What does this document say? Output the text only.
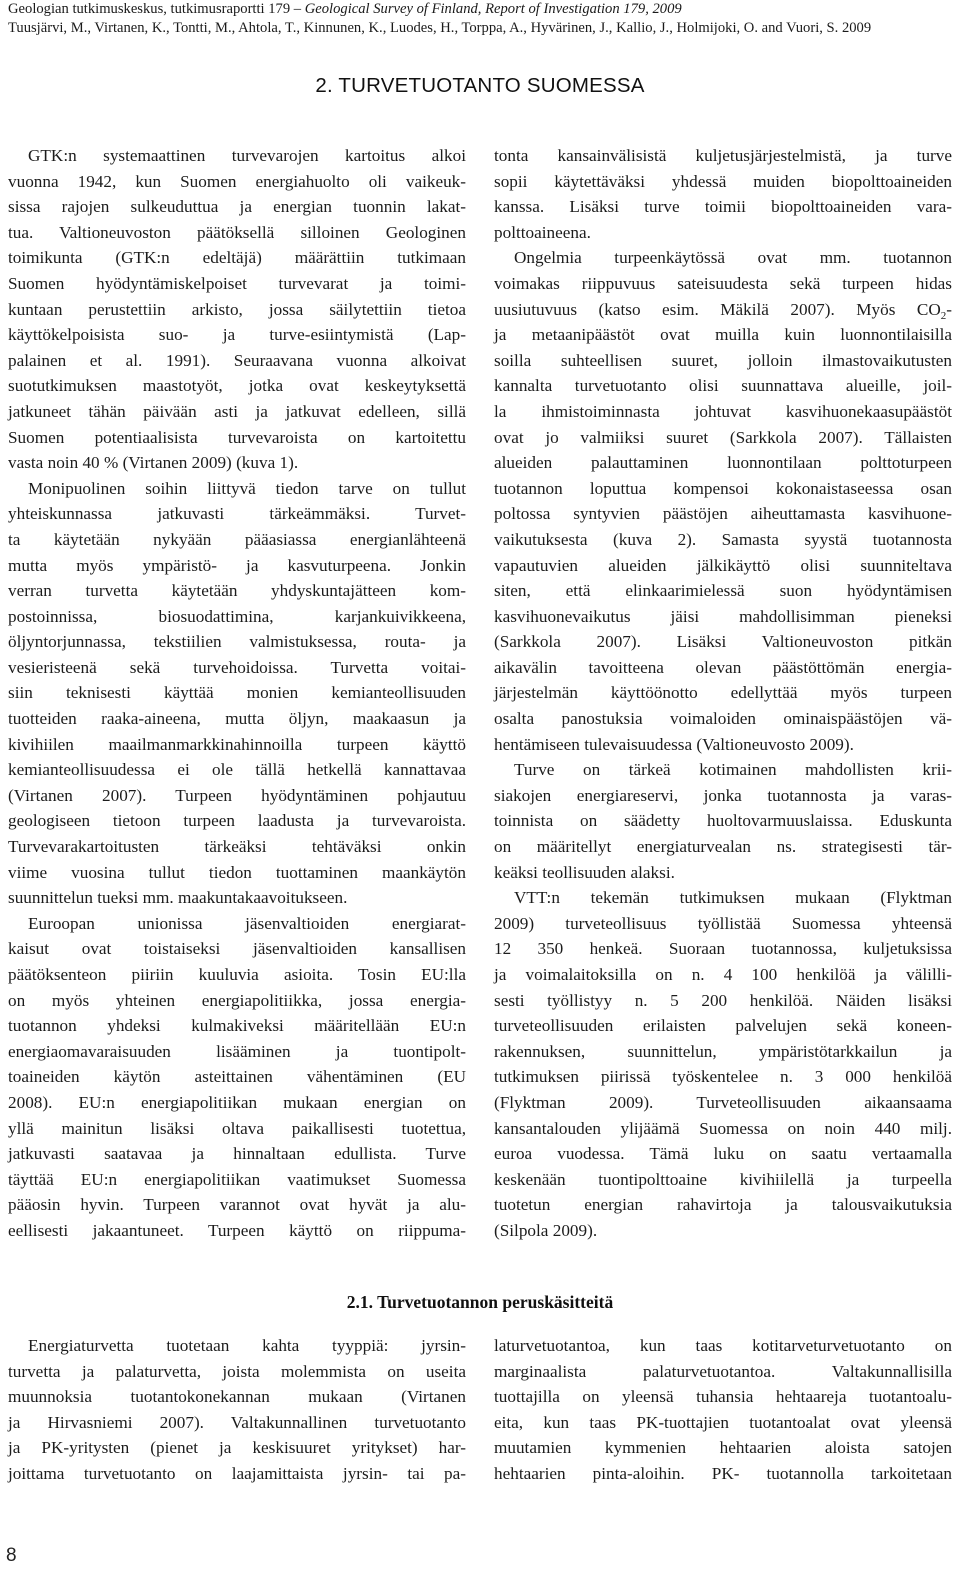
Geologian tutkimuskeskus, tutkimusraportti 179 – Geological Survey of Finland, Report of Investigation 179, 2009
Tuusjärvi, M., Virtanen, K., Tontti, M., Ahtola, T., Kinnunen, K., Luodes, H., Torppa, A., Hyvärinen, J., Kallio, J., Holmijoki, O. and Vuori, S. 2009
2. TURVETUOTANTO SUOMESSA
GTK:n systemaattinen turvevarojen kartoitus alkoi
vuonna 1942, kun Suomen energiahuolto oli vaikeuk-
sissa rajojen sulkeuduttua ja energian tuonnin lakat-
tua. Valtioneuvoston päätöksellä silloinen Geologinen
toimikunta (GTK:n edeltäjä) määrättiin tutkimaan
Suomen hyödyntämiskelpoiset turvevarat ja toimi-
kuntaan perustettiin arkisto, jossa säilytettiin tietoa
käyttökelpoisista suo- ja turve-esiintymistä (Lap-
palainen et al. 1991). Seuraavana vuonna alkoivat
suotutkimuksen maastotyöt, jotka ovat keskeytyksettä
jatkuneet tähän päivään asti ja jatkuvat edelleen, sillä
Suomen potentiaalisista turvevaroista on kartoitettu
vasta noin 40 % (Virtanen 2009) (kuva 1).
Monipuolinen soihin liittyvä tiedon tarve on tullut
yhteiskunnassa jatkuvasti tärkeämmäksi. Turvet-
ta käytetään nykyään pääasiassa energianlähteenä
mutta myös ympäristö- ja kasvuturpeena. Jonkin
verran turvetta käytetään yhdyskuntajätteen kom-
postoinnissa, biosuodattimina, karjankuivikkeena,
öljyntorjunnassa, tekstiilien valmistuksessa, routa- ja
vesieristeenä sekä turvehoidoissa. Turvetta voitai-
siin teknisesti käyttää monien kemianteollisuuden
tuotteiden raaka-aineena, mutta öljyn, maakaasun ja
kivihiilen maailmanmarkkinahinnoilla turpeen käyttö
kemianteollisuudessa ei ole tällä hetkellä kannattavaa
(Virtanen 2007). Turpeen hyödyntäminen pohjautuu
geologiseen tietoon turpeen laadusta ja turvevaroista.
Turvevarakartoitusten tärkeäksi tehtäväksi onkin
viime vuosina tullut tiedon tuottaminen maankäytön
suunnittelun tueksi mm. maakuntakaavoitukseen.
Euroopan unionissa jäsenvaltioiden energiarat-
kaisut ovat toistaiseksi jäsenvaltioiden kansallisen
päätöksenteon piiriin kuuluvia asioita. Tosin EU:lla
on myös yhteinen energiapolitiikka, jossa energia-
tuotannon yhdeksi kulmakiveksi määritellään EU:n
energiaomavaraisuuden lisääminen ja tuontipolt-
toaineiden käytön asteittainen vähentäminen (EU
2008). EU:n energiapolitiikan mukaan energian on
yllä mainitun lisäksi oltava paikallisesti tuotettua,
jatkuvasti saatavaa ja hinnaltaan edullista. Turve
täyttää EU:n energiapolitiikan vaatimukset Suomessa
pääosin hyvin. Turpeen varannot ovat hyvät ja alu-
eellisesti jakaantuneet. Turpeen käyttö on riippuma-
tonta kansainvälisistä kuljetusjärjestelmistä, ja turve
sopii käytettäväksi yhdessä muiden biopolttoaineiden
kanssa. Lisäksi turve toimii biopolttoaineiden vara-
polttoaineena.
Ongelmia turpeenkäytössä ovat mm. tuotannon
voimakas riippuvuus sateisuudesta sekä turpeen hidas
uusiutuvuus (katso esim. Mäkilä 2007). Myös $CO_2-$
ja metaanipäästöt ovat muilla kuin luonnontilaisilla
soilla suhteellisen suuret, jolloin ilmastovaikutusten
kannalta turvetuotanto olisi suunnattava alueille, joil-
la ihmistoiminnasta johtuvat kasvihuonekaasupäästöt
ovat jo valmiiksi suuret (Sarkkola 2007). Tällaisten
alueiden palauttaminen luonnontilaan polttoturpeen
tuotannon loputtua kompensoi kokonaistaseessa osan
poltossa syntyvien päästöjen aiheuttamasta kasvihuone-
vaikutuksesta (kuva 2). Samasta syystä tuotannosta
vapautuvien alueiden jälkikäyttö olisi suunniteltava
siten, että elinkaarimielessä suon hyödyntämisen
kasvihuonevaikutus jäisi mahdollisimman pieneksi
(Sarkkola 2007). Lisäksi Valtioneuvoston pitkän
aikavälin tavoitteena olevan päästöttömän energia-
järjestelmän käyttöönotto edellyttää myös turpeen
osalta panostuksia voimaloiden ominaispäästöjen vä-
hentämiseen tulevaisuudessa (Valtioneuvosto 2009).
Turve on tärkeä kotimainen mahdollisten krii-
siakojen energiareservi, jonka tuotannosta ja varas-
toinnista on säädetty huoltovarmuuslaissa. Eduskunta
on määritellyt energiaturvealan ns. strategisesti tär-
keäksi teollisuuden alaksi.
VTT:n tekemän tutkimuksen mukaan (Flyktman
2009) turveteollisuus työllistää Suomessa yhteensä
12 350 henkeä. Suoraan tuotannossa, kuljetuksissa
ja voimalaitoksilla on n. 4 100 henkilöä ja välilli-
sesti työllistyy n. 5 200 henkilöä. Näiden lisäksi
turveteollisuuden erilaisten palvelujen sekä koneen-
rakennuksen, suunnittelun, ympäristötarkkailun ja
tutkimuksen piirissä työskentelee n. 3 000 henkilöä
(Flyktman 2009). Turveteollisuuden aikaansaama
kansantalouden ylijäämä Suomessa on noin 440 milj.
euroa vuodessa. Tämä luku on saatu vertaamalla
keskenään tuontipolttoaine kivihiilellä ja turpeella
tuotetun energian rahavirtoja ja talousvaikutuksia
(Silpola 2009).
2.1. Turvetuotannon peruskäsitteitä
Energiaturvetta tuotetaan kahta tyyppiä: jyrsin-
turvetta ja palaturvetta, joista molemmista on useita
muunnoksia tuotantokonekannan mukaan (Virtanen
ja Hirvasniemi 2007). Valtakunnallinen turvetuotanto
ja PK-yritysten (pienet ja keskisuuret yritykset) har-
joittama turvetuotanto on laajamittaista jyrsin- tai pa-
laturvetuotantoa, kun taas kotitarveturvetuotanto on
marginaalista palaturvetuotantoa. Valtakunnallisilla
tuottajilla on yleensä tuhansia hehtaareja tuotantoalu-
eita, kun taas PK-tuottajien tuotantoalat ovat yleensä
muutamien kymmenien hehtaarien aloista satojen
hehtaarien pinta-aloihin. PK- tuotannolla tarkoitetaan
8
